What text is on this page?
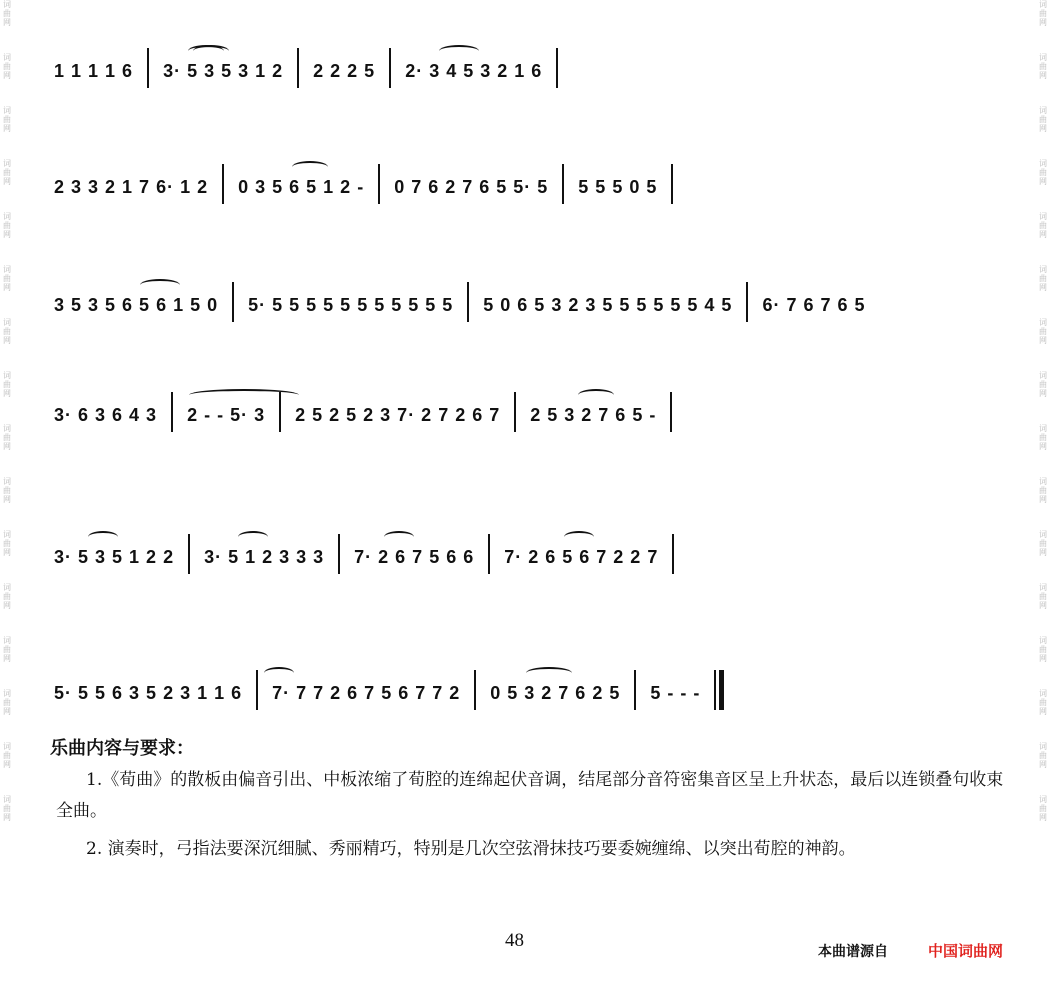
词
曲
网
词
曲
网
词
曲
网
词
曲
网
词
曲
网
词
曲
网
词
曲
网
词
曲
网
词
曲
网
词
曲
网
词
曲
网
词
曲
网
词
曲
网
词
曲
网
词
曲
网
词
曲
网
词
曲
网
词
曲
网
词
曲
网
词
曲
网
词
曲
网
词
曲
网
词
曲
网
词
曲
网
词
曲
网
词
曲
网
词
曲
网
词
曲
网
词
曲
网
词
曲
网
词
曲
网
词
曲
网
1 1 1 1 6 3· 5 3 5 3 1 2 2 2 2 5 2· 3 4 5 3 2 1 6
2 3 3 2 1 7 6· 1 2 0 3 5 6 5 1 2 - 0 7 6 2 7 6 5 5· 5 5 5 5 0 5
3 5 3 5 6 5 6 1 5 0 5· 5 5 5 5 5 5 5 5 5 5 5 5 0 6 5 3 2 3 5 5 5 5 5 5 4 5 6· 7 6 7 6 5
3· 6 3 6 4 3 2 - - 5· 3 2 5 2 5 2 3 7· 2 7 2 6 7 2 5 3 2 7 6 5 -
3· 5 3 5 1 2 2 3· 5 1 2 3 3 3 7· 2 6 7 5 6 6 7· 2 6 5 6 7 2 2 7
5· 5 5 6 3 5 2 3 1 1 6 7· 7 7 2 6 7 5 6 7 7 2 0 5 3 2 7 6 2 5 5 - - -
乐曲内容与要求：
1.《荀曲》的散板由偏音引出、中板浓缩了荀腔的连绵起伏音调，结尾部分音符密集音区呈上升状态，最后以连锁叠句收束全曲。
2. 演奏时，弓指法要深沉细腻、秀丽精巧，特别是几次空弦滑抹技巧要委婉缠绵、以突出荀腔的神韵。
48
本曲谱源自	中国词曲网
